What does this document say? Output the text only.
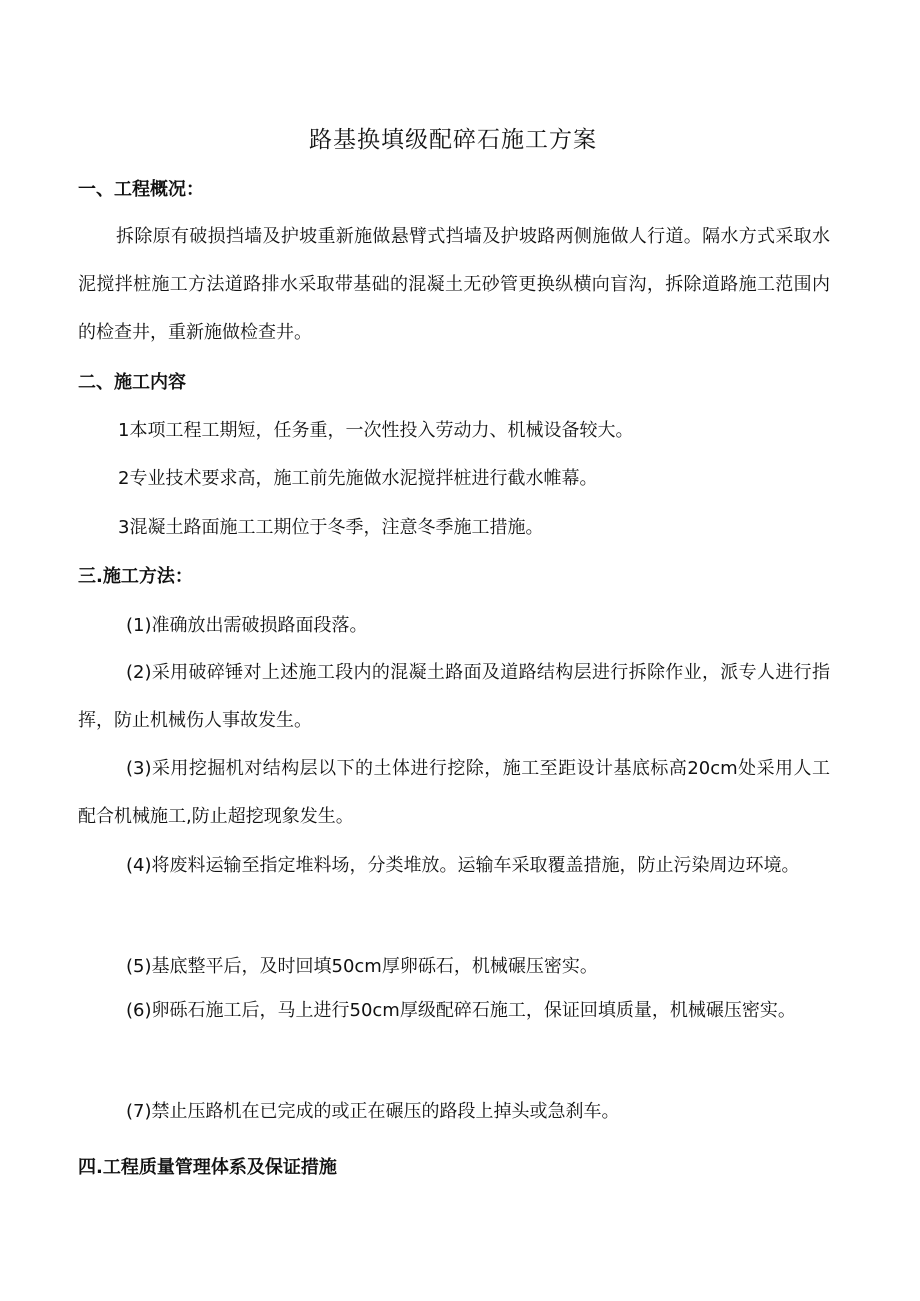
路基换填级配碎石施工方案
一、工程概况：
拆除原有破损挡墙及护坡重新施做悬臂式挡墙及护坡路两侧施做人行道。隔水方式采取水泥搅拌桩施工方法道路排水采取带基础的混凝土无砂管更换纵横向盲沟，拆除道路施工范围内的检查井，重新施做检查井。
二、施工内容
1本项工程工期短，任务重，一次性投入劳动力、机械设备较大。
2专业技术要求高，施工前先施做水泥搅拌桩进行截水帷幕。
3混凝土路面施工工期位于冬季，注意冬季施工措施。
三.施工方法：
(1)准确放出需破损路面段落。
(2)采用破碎锤对上述施工段内的混凝土路面及道路结构层进行拆除作业，派专人进行指挥，防止机械伤人事故发生。
(3)采用挖掘机对结构层以下的土体进行挖除，施工至距设计基底标高20cm处采用人工配合机械施工,防止超挖现象发生。
(4)将废料运输至指定堆料场，分类堆放。运输车采取覆盖措施，防止污染周边环境。
(5)基底整平后，及时回填50cm厚卵砾石，机械碾压密实。
(6)卵砾石施工后，马上进行50cm厚级配碎石施工，保证回填质量，机械碾压密实。
(7)禁止压路机在已完成的或正在碾压的路段上掉头或急刹车。
四.工程质量管理体系及保证措施
